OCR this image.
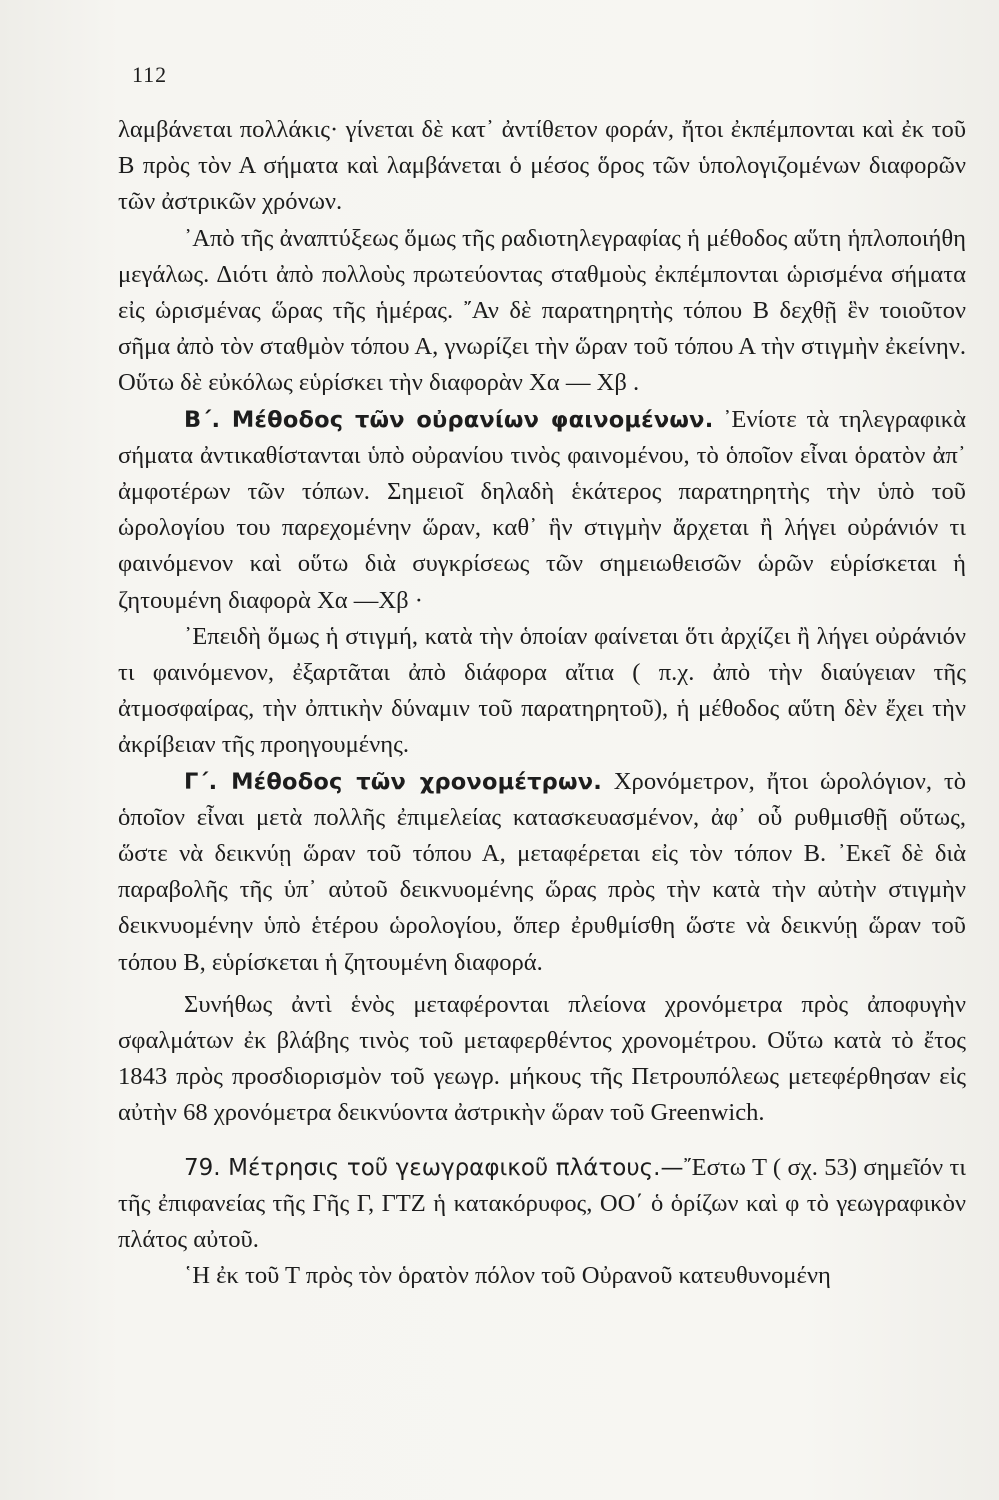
112

λαμβάνεται πολλάκις· γίνεται δὲ κατ᾿ ἀντίθετον φοράν, ἤτοι ἐκπέμπονται καὶ ἐκ τοῦ Β πρὸς τὸν Α σήματα καὶ λαμβάνεται ὁ μέσος ὅρος τῶν ὑπολογιζομένων διαφορῶν τῶν ἀστρικῶν χρόνων.

᾿Απὸ τῆς ἀναπτύξεως ὅμως τῆς ραδιοτηλεγραφίας ἡ μέθοδος αὕτη ἡπλοποιήθη μεγάλως. Διότι ἀπὸ πολλοὺς πρωτεύοντας σταθμοὺς ἐκπέμπονται ὡρισμένα σήματα εἰς ὡρισμένας ὥρας τῆς ἡμέρας. ῎Αν δὲ παρατηρητὴς τόπου Β δεχθῇ ἓν τοιοῦτον σῆμα ἀπὸ τὸν σταθμὸν τόπου Α, γνωρίζει τὴν ὥραν τοῦ τόπου Α τὴν στιγμὴν ἐκείνην. Οὕτω δὲ εὐκόλως εὑρίσκει τὴν διαφορὰν Xα — Xβ .

Β΄. Μέθοδος τῶν οὐρανίων φαινομένων. ᾿Ενίοτε τὰ τηλεγραφικὰ σήματα ἀντικαθίστανται ὑπὸ οὐρανίου τινὸς φαινομένου, τὸ ὁποῖον εἶναι ὁρατὸν ἀπ᾿ ἀμφοτέρων τῶν τόπων. Σημειοῖ δηλαδὴ ἑκάτερος παρατηρητὴς τὴν ὑπὸ τοῦ ὡρολογίου του παρεχομένην ὥραν, καθ᾿ ἣν στιγμὴν ἄρχεται ἢ λήγει οὐράνιόν τι φαινόμενον καὶ οὕτω διὰ συγκρίσεως τῶν σημειωθεισῶν ὡρῶν εὑρίσκεται ἡ ζητουμένη διαφορὰ Xα —Xβ ·

᾿Επειδὴ ὅμως ἡ στιγμή, κατὰ τὴν ὁποίαν φαίνεται ὅτι ἀρχίζει ἢ λήγει οὐράνιόν τι φαινόμενον, ἐξαρτᾶται ἀπὸ διάφορα αἴτια ( π.χ. ἀπὸ τὴν διαύγειαν τῆς ἀτμοσφαίρας, τὴν ὀπτικὴν δύναμιν τοῦ παρατηρητοῦ), ἡ μέθοδος αὕτη δὲν ἔχει τὴν ἀκρίβειαν τῆς προηγουμένης.

Γ΄. Μέθοδος τῶν χρονομέτρων. Χρονόμετρον, ἤτοι ὡρολόγιον, τὸ ὁποῖον εἶναι μετὰ πολλῆς ἐπιμελείας κατασκευασμένον, ἀφ᾿ οὗ ρυθμισθῇ οὕτως, ὥστε νὰ δεικνύῃ ὥραν τοῦ τόπου Α, μεταφέρεται εἰς τὸν τόπον Β. ᾿Εκεῖ δὲ διὰ παραβολῆς τῆς ὑπ᾿ αὐτοῦ δεικνυομένης ὥρας πρὸς τὴν κατὰ τὴν αὐτὴν στιγμὴν δεικνυομένην ὑπὸ ἑτέρου ὡρολογίου, ὅπερ ἐρυθμίσθη ὥστε νὰ δεικνύῃ ὥραν τοῦ τόπου Β, εὑρίσκεται ἡ ζητουμένη διαφορά.

Συνήθως ἀντὶ ἑνὸς μεταφέρονται πλείονα χρονόμετρα πρὸς ἀποφυγὴν σφαλμάτων ἐκ βλάβης τινὸς τοῦ μεταφερθέντος χρονομέτρου. Οὕτω κατὰ τὸ ἔτος 1843 πρὸς προσδιορισμὸν τοῦ γεωγρ. μήκους τῆς Πετρουπόλεως μετεφέρθησαν εἰς αὐτὴν 68 χρονόμετρα δεικνύοντα ἀστρικὴν ὥραν τοῦ Greenwich.

79. Μέτρησις τοῦ γεωγραφικοῦ πλάτους.—῎Εστω Τ ( σχ. 53) σημεῖόν τι τῆς ἐπιφανείας τῆς Γῆς Γ, ΓΤΖ ἡ κατακόρυφος, ΟΟ΄ ὁ ὁρίζων καὶ φ τὸ γεωγραφικὸν πλάτος αὐτοῦ.

῾Η ἐκ τοῦ Τ πρὸς τὸν ὁρατὸν πόλον τοῦ Οὐρανοῦ κατευθυνομένη
